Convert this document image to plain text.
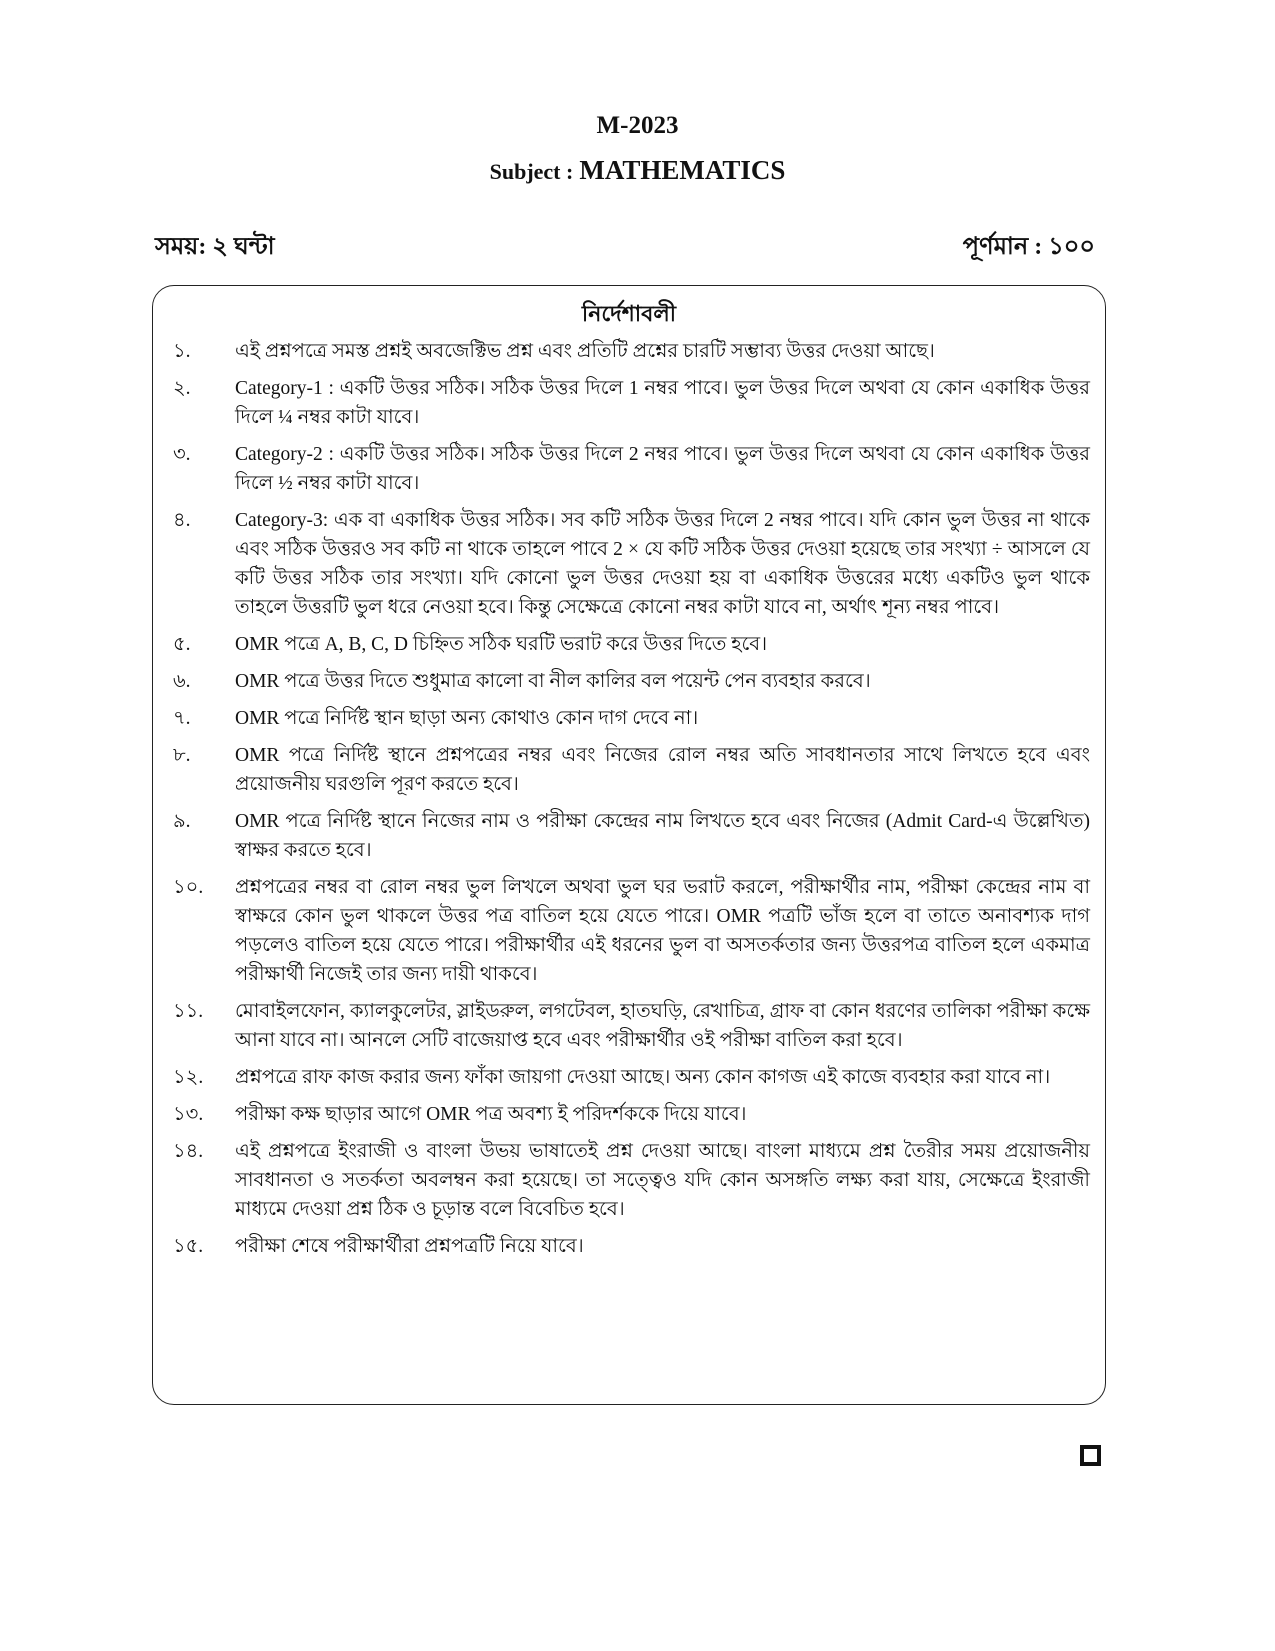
M-2023
Subject : MATHEMATICS
সময়: ২ ঘন্টা	পূর্ণমান : ১০০
নির্দেশাবলী
১.	এই প্রশ্নপত্রে সমস্ত প্রশ্নই অবজেক্টিভ প্রশ্ন এবং প্রতিটি প্রশ্নের চারটি সম্ভাব্য উত্তর দেওয়া আছে।
২.	Category-1 : একটি উত্তর সঠিক। সঠিক উত্তর দিলে 1 নম্বর পাবে। ভুল উত্তর দিলে অথবা যে কোন একাধিক উত্তর দিলে ¼ নম্বর কাটা যাবে।
৩.	Category-2 : একটি উত্তর সঠিক। সঠিক উত্তর দিলে 2 নম্বর পাবে। ভুল উত্তর দিলে অথবা যে কোন একাধিক উত্তর দিলে ½ নম্বর কাটা যাবে।
৪.	Category-3: এক বা একাধিক উত্তর সঠিক। সব কটি সঠিক উত্তর দিলে 2 নম্বর পাবে। যদি কোন ভুল উত্তর না থাকে এবং সঠিক উত্তরও সব কটি না থাকে তাহলে পাবে 2 × যে কটি সঠিক উত্তর দেওয়া হয়েছে তার সংখ্যা ÷ আসলে যে কটি উত্তর সঠিক তার সংখ্যা। যদি কোনো ভুল উত্তর দেওয়া হয় বা একাধিক উত্তরের মধ্যে একটিও ভুল থাকে তাহলে উত্তরটি ভুল ধরে নেওয়া হবে। কিন্তু সেক্ষেত্রে কোনো নম্বর কাটা যাবে না, অর্থাৎ শূন্য নম্বর পাবে।
৫.	OMR পত্রে A, B, C, D চিহ্নিত সঠিক ঘরটি ভরাট করে উত্তর দিতে হবে।
৬.	OMR পত্রে উত্তর দিতে শুধুমাত্র কালো বা নীল কালির বল পয়েন্ট পেন ব্যবহার করবে।
৭.	OMR পত্রে নির্দিষ্ট স্থান ছাড়া অন্য কোথাও কোন দাগ দেবে না।
৮.	OMR পত্রে নির্দিষ্ট স্থানে প্রশ্নপত্রের নম্বর এবং নিজের রোল নম্বর অতি সাবধানতার সাথে লিখতে হবে এবং প্রয়োজনীয় ঘরগুলি পূরণ করতে হবে।
৯.	OMR পত্রে নির্দিষ্ট স্থানে নিজের নাম ও পরীক্ষা কেন্দ্রের নাম লিখতে হবে এবং নিজের (Admit Card-এ উল্লেখিত) স্বাক্ষর করতে হবে।
১০.	প্রশ্নপত্রের নম্বর বা রোল নম্বর ভুল লিখলে অথবা ভুল ঘর ভরাট করলে, পরীক্ষার্থীর নাম, পরীক্ষা কেন্দ্রের নাম বা স্বাক্ষরে কোন ভুল থাকলে উত্তর পত্র বাতিল হয়ে যেতে পারে। OMR পত্রটি ভাঁজ হলে বা তাতে অনাবশ্যক দাগ পড়লেও বাতিল হয়ে যেতে পারে। পরীক্ষার্থীর এই ধরনের ভুল বা অসতর্কতার জন্য উত্তরপত্র বাতিল হলে একমাত্র পরীক্ষার্থী নিজেই তার জন্য দায়ী থাকবে।
১১.	মোবাইলফোন, ক্যালকুলেটর, স্লাইডরুল, লগটেবল, হাতঘড়ি, রেখাচিত্র, গ্রাফ বা কোন ধরণের তালিকা পরীক্ষা কক্ষে আনা যাবে না। আনলে সেটি বাজেয়াপ্ত হবে এবং পরীক্ষার্থীর ওই পরীক্ষা বাতিল করা হবে।
১২.	প্রশ্নপত্রে রাফ কাজ করার জন্য ফাঁকা জায়গা দেওয়া আছে। অন্য কোন কাগজ এই কাজে ব্যবহার করা যাবে না।
১৩.	পরীক্ষা কক্ষ ছাড়ার আগে OMR পত্র অবশ্য ই পরিদর্শককে দিয়ে যাবে।
১৪.	এই প্রশ্নপত্রে ইংরাজী ও বাংলা উভয় ভাষাতেই প্রশ্ন দেওয়া আছে। বাংলা মাধ্যমে প্রশ্ন তৈরীর সময় প্রয়োজনীয় সাবধানতা ও সতর্কতা অবলম্বন করা হয়েছে। তা সত্ত্বেও যদি কোন অসঙ্গতি লক্ষ্য করা যায়, সেক্ষেত্রে ইংরাজী মাধ্যমে দেওয়া প্রশ্ন ঠিক ও চূড়ান্ত বলে বিবেচিত হবে।
১৫.	পরীক্ষা শেষে পরীক্ষার্থীরা প্রশ্নপত্রটি নিয়ে যাবে।
